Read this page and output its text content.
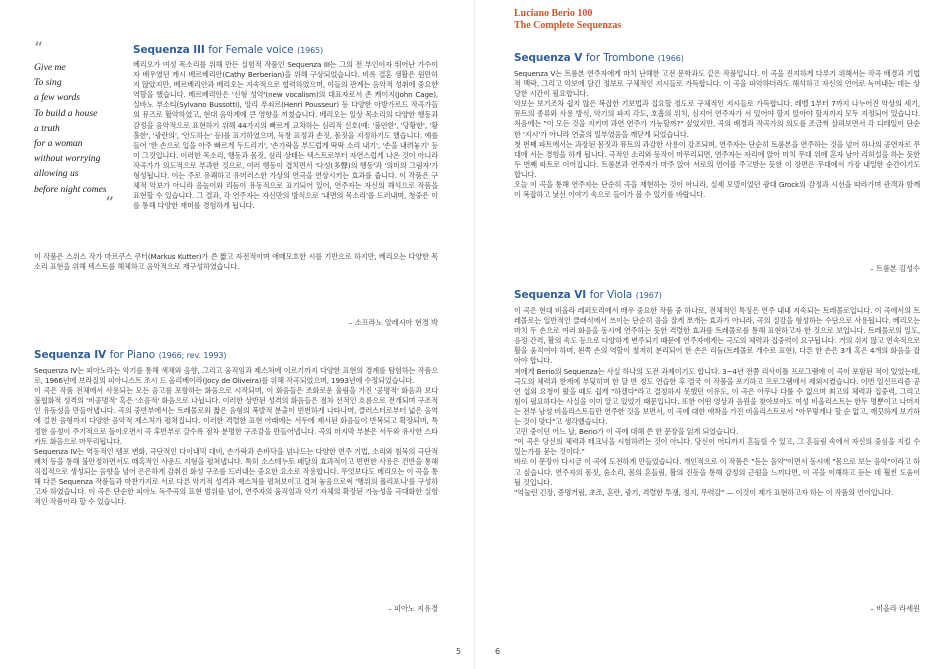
“
Give me
To sing
a few words
To build a house
a truth
for a woman
without worrying
allowing us
before night comes
”
Sequenza III for Female voice (1965)

베리오가 여성 목소리를 위해 만든 실험적 작품인 Sequenza III는 그의 전 부인이자 뛰어난 가수이자 배우였던 캐시 베르베리안(Cathy Berberian)을 위해 구상되었습니다. 비록 결혼 생활은 원만하지 않았지만, 베르베리안과 베리오는 지속적으로 협력하였으며, 이들의 관계는 음악적 성취에 중요한 역할을 했습니다. 베르베리안은 '신형 성악'(new vocalism)의 대표자로서 존 케이지(John Cage), 실바노 부소티(Sylvano Bussotti), 앙리 푸쇠르(Henri Pousseur) 등 다양한 아방가르드 작곡가들의 뮤즈로 활약하였고, 현대 음악계에 큰 영향을 끼쳤습니다. 베리오는 일상 목소리의 다양한 행동과 감정을 음악적으로 표현하기 위해 44가지의 빠르게 교차하는 심리적 신호(예: '불안한', '당황한', '황홀한', '광란의', '안도하는' 등)를 표기하였으며, 독창 표정과 손짓, 몸짓을 지정하기도 했습니다. 예를 들어 '한 손으로 입을 아주 빠르게 두드리기', '손가락을 부드럽게 딱딱 소리 내기', '손을 내려놓기' 등이 그것입니다. 이러한 목소리, 행동과 몸짓, 심리 상태는 텍스트로부터 자연스럽게 나온 것이 아니라 작곡가가 의도적으로 부과한 것으로, 여러 행동이 겹치면서 '다성(多聲)의 행동'과 '의미의 그림자'가 형성됩니다. 이는 주로 유쾌하고 유머러스한 가상의 연극을 연상시키는 효과를 줍니다. 이 작품은 구체적 악보가 아니라 음높이와 리듬이 유동적으로 표기되어 있어, 연주자는 자신의 해석으로 작품을 표현할 수 있습니다. 그 결과, 각 연주자는 자신만의 방식으로 '내면의 목소리'를 드러내며, 청중은 이를 통해 다양한 재미를 경험하게 됩니다.

이 작품은 스위스 작가 마르쿠스 쿠터(Markus Kutter)가 쓴 짧고 자전적이며 애매모호한 시를 기반으로 하지만, 베리오는 다양한 목소리 표현을 위해 텍스트를 해체하고 음악적으로 재구성하였습니다.

– 소프라노 알레시아 현경 박
Sequenza IV for Piano (1966; rev. 1993)

Sequenza IV는 피아노라는 악기를 통해 색채와 음향, 그리고 움직임과 제스처에 이르기까지 다양한 표현의 경계를 탐험하는 작품으로, 1966년에 브라질의 피아니스트 조시 드 올리베이라(Jocy de Oliveira)를 위해 작곡되었으며, 1993년에 수정되었습니다.

이 곡은 작품 전체에서 사용되는 모든 음고를 포함하는 화음으로 시작되며, 이 화음들은 조화로운 울림을 가진 '공명적' 화음과 보다 불협화적 성격의 '비공명적' 혹은 '소음적' 화음으로 나뉩니다. 이러한 상반된 성격의 화음들은 점차 선적인 흐름으로 전개되며 구조적인 유동성을 만들어냅니다. 곡의 중반부에서는 트레몰로와 짧은 음형의 폭발적 분출이 빈번하게 나타나며, 클러스터로부터 넓은 음역에 걸친 음형까지 다양한 음악적 제스처가 펼쳐집니다. 이러한 격렬한 표현 아래에는 서두에 제시된 화음들이 반복되고 확장되며, 특정한 음정이 주기적으로 돌아오면서 곡 후반부로 갈수록 점차 분명한 구조감을 만들어냅니다. 곡의 마지막 부분은 서두와 유사한 스타카토 화음으로 마무리됩니다.

Sequenza IV는 역동적인 템포 변화, 극단적인 다이내믹 대비, 손가락과 손바닥을 넘나드는 다양한 연주 기법, 소리와 침묵의 극단적 배치 등을 통해 불안정하면서도 매혹적인 사운드 지형을 펼쳐냅니다. 특히 소스테누토 페달의 효과적이고 빈번한 사용은 건반을 통해 직접적으로 생성되는 음향을 넘어 은은하게 감춰진 화성 구조를 드러내는 중요한 요소로 작용합니다. 무엇보다도 베리오는 이 곡을 통해 다른 Sequenza 작품들과 마찬가지로 서로 다른 악기적 성격과 제스처를 펼쳐보이고 겹쳐 놓음으로써 '행위의 폴리포니'를 구성하고자 하였습니다. 이 곡은 단순한 피아노 독주곡의 표현 범위를 넘어, 연주자의 움직임과 악기 자체의 확장된 가능성을 극대화한 실험적인 작품이라 할 수 있습니다.

– 피아노 지유경
5
Luciano Berio 100
The Complete Sequenzas
Sequenza V for Trombone (1966)

Sequenza V는 트롬본 연주자에게 마치 난해한 고전 문학과도 같은 작품입니다. 이 곡을 진지하게 다루기 위해서는 작곡 배경과 기법적 맥락, 그리고 악보에 담긴 정보로 구체적인 지시들로 가득합니다. 이 곡을 파악하더라도 해석하고 자신의 언어로 녹여내는 데는 상당한 시간이 필요합니다.

악보는 보기조차 쉽지 않은 복잡한 기보법과 집요할 정도로 구체적인 지시들로 가득합니다. 레벨 1부터 7까지 나누어진 악상의 세기, 뮤트의 종류와 사용 방식, 악기의 파지 각도, 호흡의 위치, 심지어 연주자가 서 있어야 할지 앉아야 할지까지 모두 지정되어 있습니다. 처음에는 "이 모든 것을 지키며 과연 연주가 가능할까?" 싶었지만, 곡의 배경과 작곡가의 의도를 조금씩 살펴보면서 각 디테일이 단순한 '지시'가 아니라 연출의 일부였음을 깨닫게 되었습니다.

첫 번째 파트에서는 과장된 몸짓과 뮤트의 과감한 사용이 강조되며, 연주자는 단순히 트롬본을 연주하는 것을 넘어 하나의 공연자로 무대에 서는 경험을 하게 됩니다. 극적인 소리와 동작이 마무리되면, 연주자는 자리에 앉아 마치 무대 위에 혼자 남아 리허설을 하는 듯한 두 번째 파트로 이어집니다. 트롬본과 연주자가 마주 앉아 서로의 언어를 주고받는 듯한 이 장면은 무대에서 가장 내밀한 순간이기도 합니다.

오늘 이 곡을 통해 연주자는 단순히 곡을 재현하는 것이 아니라, 실제 모델이었던 광대 Grock의 감정과 시선을 따라가며 관객과 함께 이 복잡하고 낯선 이야기 속으로 들어가 볼 수 있기를 바랍니다.

– 트롬본 김성수
Sequenza VI for Viola (1967)

이 곡은 현대 비올라 레퍼토리에서 매우 중요한 작품 중 하나로, 전체적인 특징은 연주 내내 지속되는 트레몰로입니다. 이 곡에서의 트레몰로는 일반적인 클래식에서 쓰이는 단순히 음을 잘게 쪼개는 효과가 아니라, 곡의 질감을 형성하는 수단으로 사용됩니다. 베리오는 마치 두 손으로 여러 화음을 동시에 연주하는 듯한 격렬한 효과를 트레몰로를 통해 표현하고자 한 것으로 보입니다. 트레몰로의 밀도, 음정 간격, 활의 속도 등으로 다양하게 변주되기 때문에 연주자에게는 극도의 체력과 집중력이 요구됩니다. 거의 쉬지 않고 연속적으로 활을 움직여야 하며, 왼쪽 손의 역할이 철저히 분리되어 한 손은 리듬(트레몰로 개수로 표현), 다른 한 손은 3개 혹은 4개의 화음을 잡아야 합니다.

저에게 Berio의 Sequenza는 사실 하나의 도전 과제이기도 합니다. 3~4년 전쯤 리사이틀 프로그램에 이 곡이 포함된 적이 있었는데, 극도의 체력과 한계에 부딪히며 한 달 반 정도 연습한 후 결국 이 작품을 포기하고 프로그램에서 제외시켰습니다. 이번 일신프리즘 공연 섭외 요청이 왔을 때도 쉽게 "하겠다"라고 결정하지 못했던 이유도, 이 곡은 아무나 다룰 수 없으며 최고의 체력과 집중력, 그리고 힘이 필요하다는 사실을 이미 알고 있었기 때문입니다. 또한 어떤 영상과 음원을 찾아보아도 여성 비올리스트는 한두 명뿐이고 나머지는 전부 남성 비올리스트들만 연주한 것을 보면서, 이 곡에 대한 애착을 가진 비올리스트로서 "아무렇게나 할 순 없고, 깨끗하게 보기하는 것이 맞다"고 생각했습니다.

고민 중이던 어느 날, Berio가 이 곡에 대해 쓴 한 문장을 읽게 되었습니다.

"이 곡은 당신의 체력과 테크닉을 시험하려는 것이 아니다. 당신이 어디까지 흔들릴 수 있고, 그 흔들림 속에서 자신의 중심을 지킬 수 있는가를 묻는 것이다."

바로 이 문장이 다시금 이 곡에 도전하게 만들었습니다. 개인적으로 이 작품은 "듣는 음악"이면서 동시에 "몸으로 보는 음악"이라고 하고 싶습니다. 연주자의 몸짓, 숨소리, 몸의 흔들림, 활의 진동을 통해 감정의 근원을 느끼다면, 이 곡을 이해하고 듣는 데 훨씬 도움이 될 것입니다.

"억눌린 긴장, 증명거림, 초조, 혼란, 광기, 격렬한 투쟁, 정지, 무력감" — 이것이 제가 표현하고자 하는 이 작품의 언어입니다.

– 비올라 라세원
6
